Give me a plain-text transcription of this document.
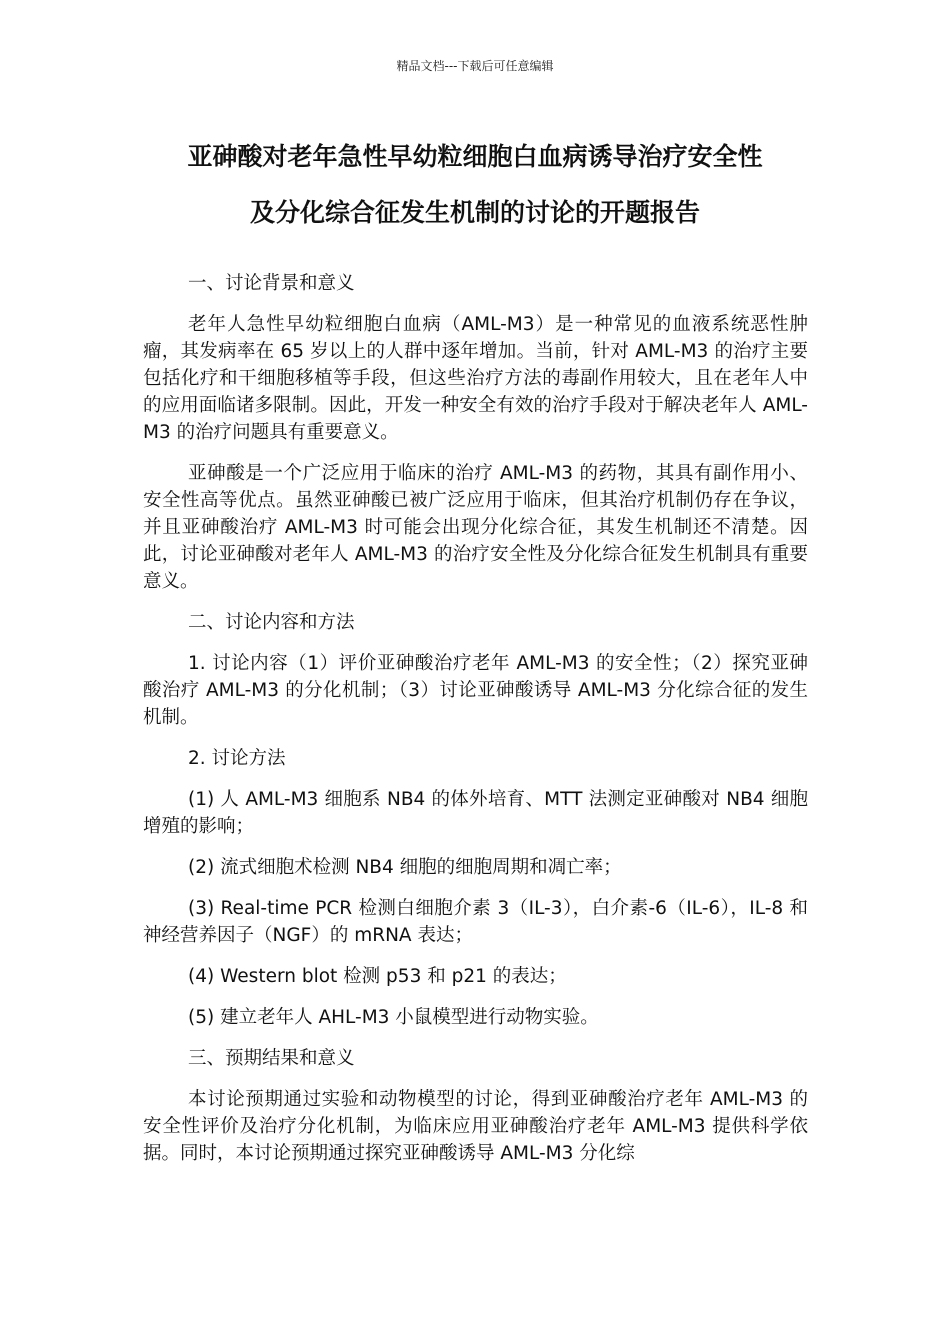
精品文档---下载后可任意编辑
亚砷酸对老年急性早幼粒细胞白血病诱导治疗安全性
及分化综合征发生机制的讨论的开题报告

一、讨论背景和意义

老年人急性早幼粒细胞白血病（AML-M3）是一种常见的血液系统恶性肿瘤，其发病率在 65 岁以上的人群中逐年增加。当前，针对 AML-M3 的治疗主要包括化疗和干细胞移植等手段，但这些治疗方法的毒副作用较大，且在老年人中的应用面临诸多限制。因此，开发一种安全有效的治疗手段对于解决老年人 AML-M3 的治疗问题具有重要意义。

亚砷酸是一个广泛应用于临床的治疗 AML-M3 的药物，其具有副作用小、安全性高等优点。虽然亚砷酸已被广泛应用于临床，但其治疗机制仍存在争议，并且亚砷酸治疗 AML-M3 时可能会出现分化综合征，其发生机制还不清楚。因此，讨论亚砷酸对老年人 AML-M3 的治疗安全性及分化综合征发生机制具有重要意义。

二、讨论内容和方法

1. 讨论内容（1）评价亚砷酸治疗老年 AML-M3 的安全性；（2）探究亚砷酸治疗 AML-M3 的分化机制；（3）讨论亚砷酸诱导 AML-M3 分化综合征的发生机制。

2. 讨论方法

(1) 人 AML-M3 细胞系 NB4 的体外培育、MTT 法测定亚砷酸对 NB4 细胞增殖的影响；

(2) 流式细胞术检测 NB4 细胞的细胞周期和凋亡率；

(3) Real-time PCR 检测白细胞介素 3（IL-3），白介素-6（IL-6），IL-8 和神经营养因子（NGF）的 mRNA 表达；

(4) Western blot 检测 p53 和 p21 的表达；

(5) 建立老年人 AHL-M3 小鼠模型进行动物实验。

三、预期结果和意义

本讨论预期通过实验和动物模型的讨论，得到亚砷酸治疗老年 AML-M3 的安全性评价及治疗分化机制，为临床应用亚砷酸治疗老年 AML-M3 提供科学依据。同时，本讨论预期通过探究亚砷酸诱导 AML-M3 分化综
